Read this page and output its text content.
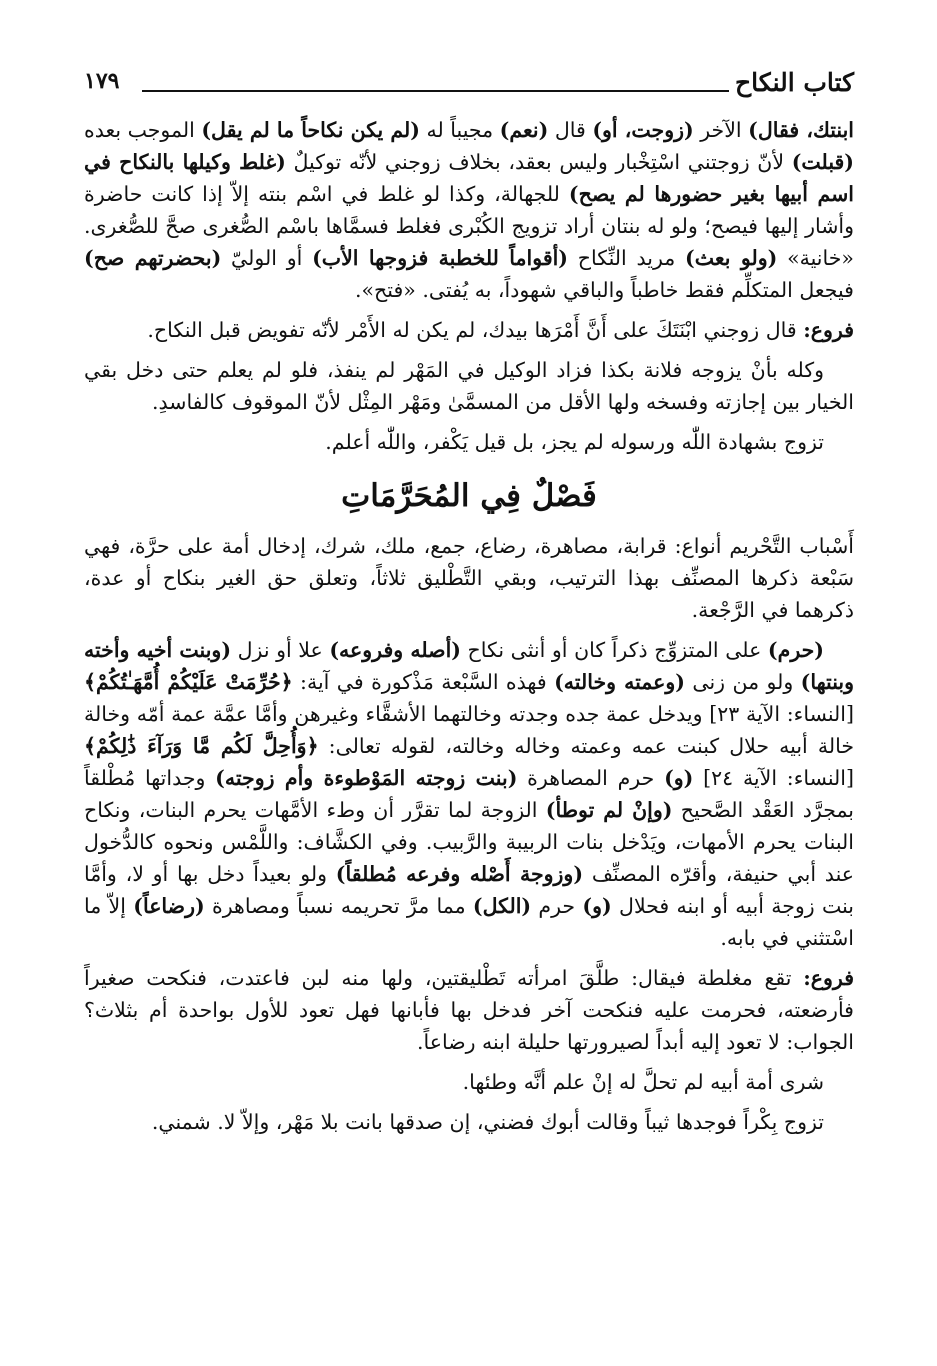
كتاب النكاح
١٧٩

ابنتك، فقال) الآخر (زوجت، أو) قال (نعم) مجيباً له (لم يكن نكاحاً ما لم يقل) الموجب بعده (قبلت) لأنّ زوجتني اسْتِخْبار وليس بعقد، بخلاف زوجني لأنّه توكيلٌ (غلط وكيلها بالنكاح في اسم أبيها بغير حضورها لم يصح) للجهالة، وكذا لو غلط في اسْم بنته إلاّ إذا كانت حاضرة وأشار إليها فيصح؛ ولو له بنتان أراد تزويج الكُبْرى فغلط فسمَّاها باسْم الصُّغرى صحَّ للصُّغرى. «خانية» (ولو بعث) مريد النِّكاح (أقواماً للخطبة فزوجها الأب) أو الوليّ (بحضرتهم صح) فيجعل المتكلِّم فقط خاطباً والباقي شهوداً، به يُفتى. «فتح».

فروع: قال زوجني ابْنَتَكَ على أَنَّ أَمْرَها بيدك، لم يكن له الأَمْر لأنّه تفويض قبل النكاح.

وكله بأنْ يزوجه فلانة بكذا فزاد الوكيل في المَهْر لم ينفذ، فلو لم يعلم حتى دخل بقي الخيار بين إجازته وفسخه ولها الأقل من المسمَّىٰ ومَهْر المِثْل لأنّ الموقوف كالفاسدِ.

تزوج بشهادة اللّٰه ورسوله لم يجز، بل قيل يَكْفر، واللّٰه أعلم.

فَصْلٌ فِي المُحَرَّمَاتِ

أَسْباب التَّحْريم أنواع: قرابة، مصاهرة، رضاع، جمع، ملك، شرك، إدخال أمة على حرَّة، فهي سَبْعة ذكرها المصنِّف بهذا الترتيب، وبقي التَّطْليق ثلاثاً، وتعلق حق الغير بنكاح أو عدة، ذكرهما في الرَّجْعة.

(حرم) على المتزوِّج ذكراً كان أو أنثى نكاح (أصله وفروعه) علا أو نزل (وبنت أخيه وأخته وبنتها) ولو من زنى (وعمته وخالته) فهذه السَّبْعة مَذْكورة في آية: ﴿حُرِّمَتْ عَلَيْكُمْ أُمَّهَـٰتُكُمْ﴾ [النساء: الآية ٢٣] ويدخل عمة جده وجدته وخالتهما الأشقَّاء وغيرهن وأمَّا عمَّة عمة أمّه وخالة خالة أبيه حلال كبنت عمه وعمته وخاله وخالته، لقوله تعالى: ﴿وَأُحِلَّ لَكُم مَّا وَرَآءَ ذَٰلِكُمْ﴾ [النساء: الآية ٢٤] (و) حرم المصاهرة (بنت زوجته المَوْطوءة وأم زوجته) وجداتها مُطْلقاً بمجرَّد العَقْد الصَّحيح (وإنْ لم توطأ) الزوجة لما تقرَّر أن وطء الأمَّهات يحرم البنات، ونكاح البنات يحرم الأمهات، ويَدْخل بنات الربيبة والرَّبيب. وفي الكشَّاف: واللَّمْس ونحوه كالدُّخول عند أبي حنيفة، وأقرّه المصنِّف (وزوجة أَصْله وفرعه مُطلقاً) ولو بعيداً دخل بها أو لا، وأمَّا بنت زوجة أبيه أو ابنه فحلال (و) حرم (الكل) مما مرَّ تحريمه نسباً ومصاهرة (رضاعاً) إلاّ ما اسْتثني في بابه.

فروع: تقع مغلطة فيقال: طلَّقَ امرأته تَطْليقتين، ولها منه لبن فاعتدت، فنكحت صغيراً فأرضعته، فحرمت عليه فنكحت آخر فدخل بها فأبانها فهل تعود للأول بواحدة أم بثلاث؟ الجواب: لا تعود إليه أبداً لصيرورتها حليلة ابنه رضاعاً.

شرى أمة أبيه لم تحلَّ له إنْ علم أنَّه وطئها.

تزوج بِكْراً فوجدها ثيباً وقالت أبوك فضني، إن صدقها بانت بلا مَهْر، وإلاّ لا. شمني.
